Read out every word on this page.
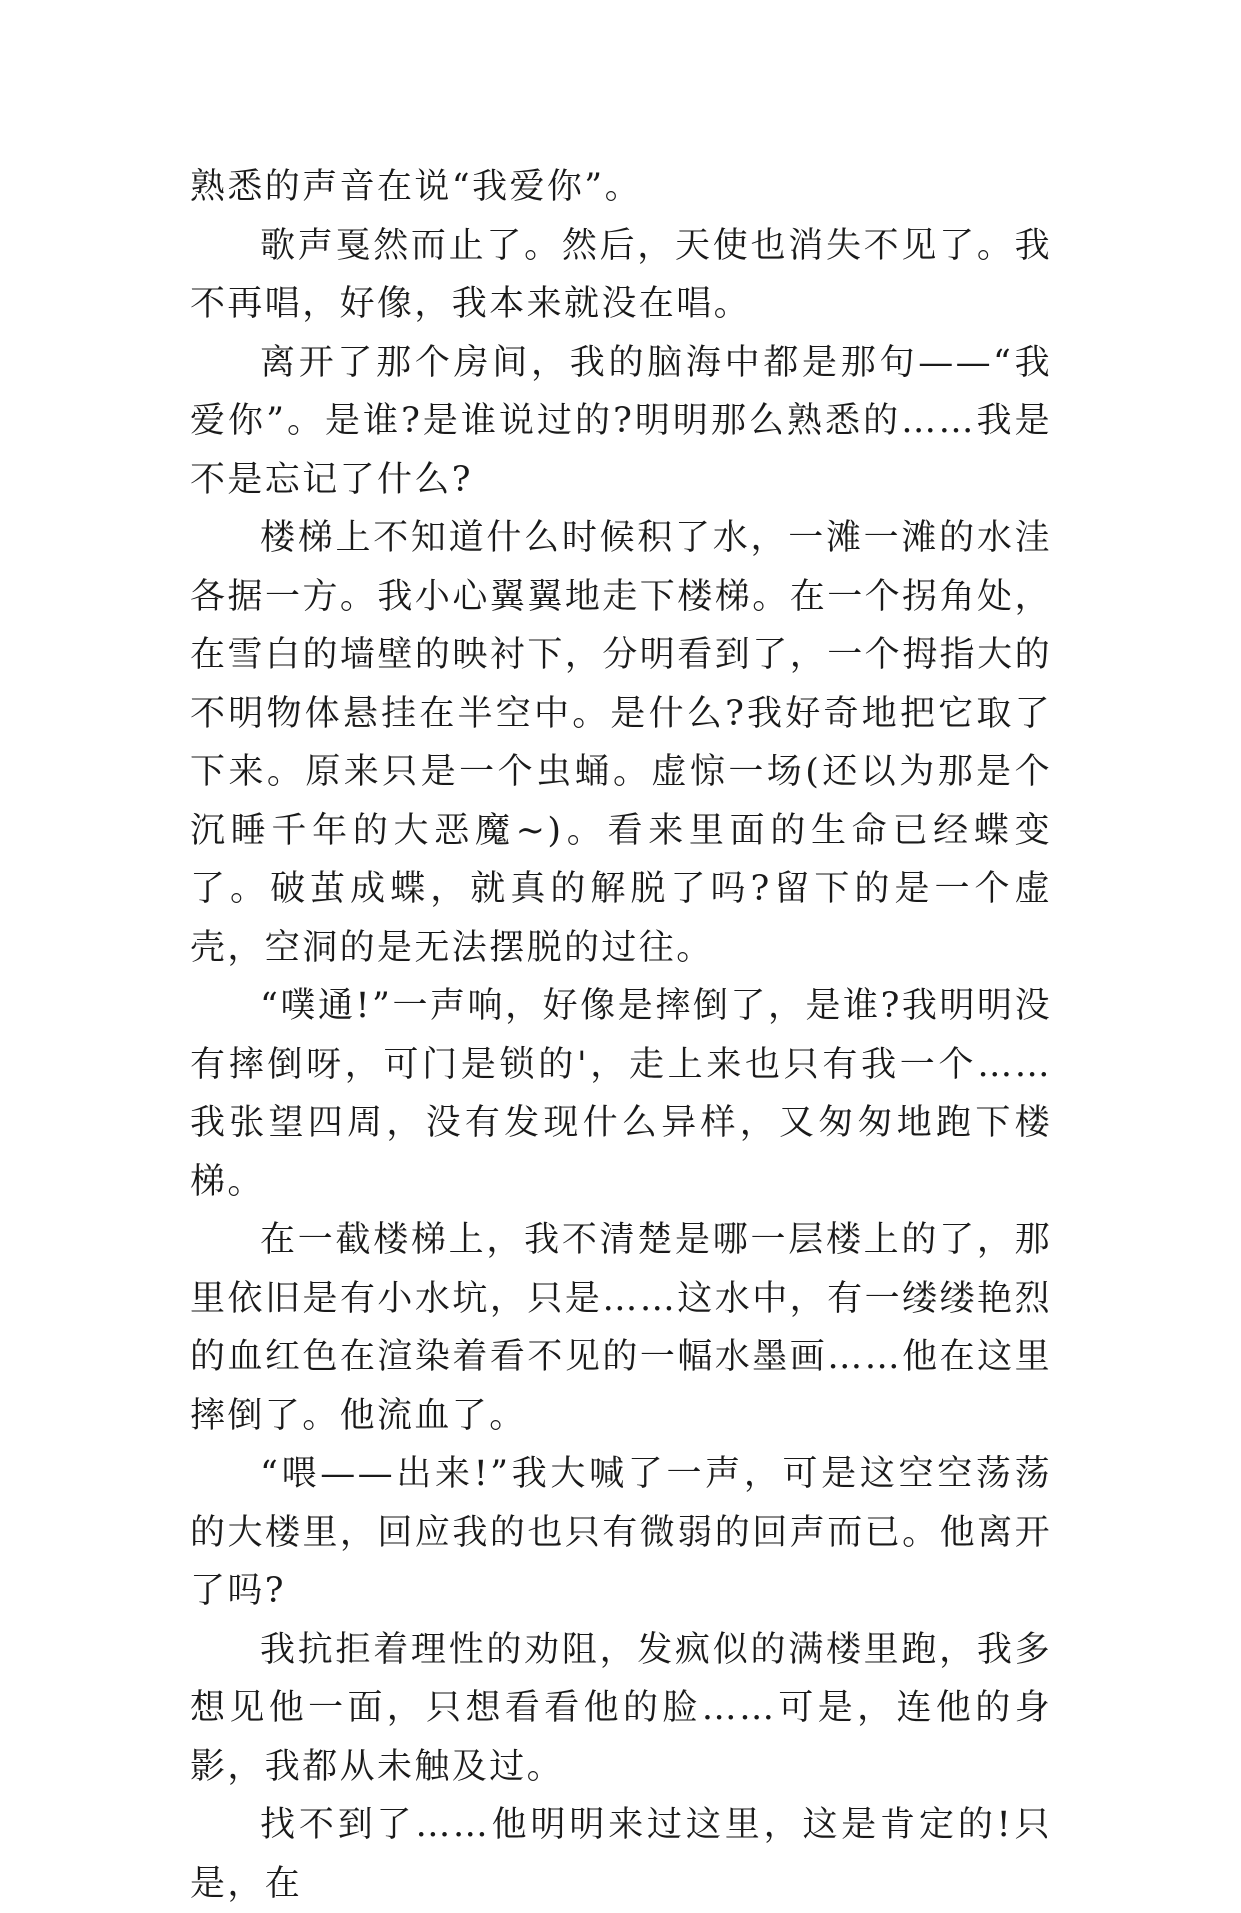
熟悉的声音在说“我爱你”。

歌声戛然而止了。然后，天使也消失不见了。我不再唱，好像，我本来就没在唱。

离开了那个房间，我的脑海中都是那句——“我爱你”。是谁?是谁说过的?明明那么熟悉的……我是不是忘记了什么?

楼梯上不知道什么时候积了水，一滩一滩的水洼各据一方。我小心翼翼地走下楼梯。在一个拐角处，在雪白的墙壁的映衬下，分明看到了，一个拇指大的不明物体悬挂在半空中。是什么?我好奇地把它取了下来。原来只是一个虫蛹。虚惊一场(还以为那是个沉睡千年的大恶魔~)。看来里面的生命已经蝶变了。破茧成蝶，就真的解脱了吗?留下的是一个虚壳，空洞的是无法摆脱的过往。

“噗通!”一声响，好像是摔倒了，是谁?我明明没有摔倒呀，可门是锁的'，走上来也只有我一个……我张望四周，没有发现什么异样，又匆匆地跑下楼梯。

在一截楼梯上，我不清楚是哪一层楼上的了，那里依旧是有小水坑，只是……这水中，有一缕缕艳烈的血红色在渲染着看不见的一幅水墨画……他在这里摔倒了。他流血了。

“喂——出来!”我大喊了一声，可是这空空荡荡的大楼里，回应我的也只有微弱的回声而已。他离开了吗?

我抗拒着理性的劝阻，发疯似的满楼里跑，我多想见他一面，只想看看他的脸……可是，连他的身影，我都从未触及过。

找不到了……他明明来过这里，这是肯定的!只是，在
